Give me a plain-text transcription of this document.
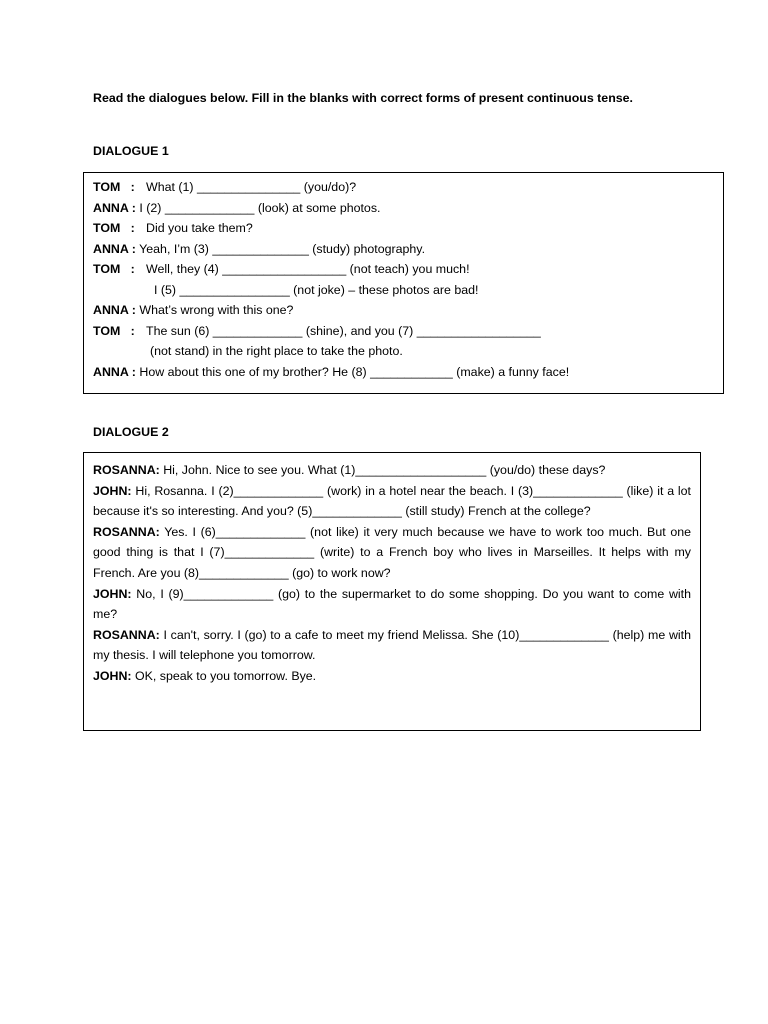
Read the dialogues below. Fill in the blanks with correct forms of present continuous tense.

DIALOGUE 1

TOM   : What (1) _______________ (you/do)?
ANNA : I (2) _____________ (look) at some photos.
TOM   : Did you take them?
ANNA : Yeah, I’m (3) ______________ (study) photography.
TOM   : Well, they (4) __________________ (not teach) you much!
I (5) ________________ (not joke) – these photos are bad!
ANNA : What’s wrong with this one?
TOM   : The sun (6) _____________ (shine), and you (7) __________________
(not stand) in the right place to take the photo.
ANNA : How about this one of my brother? He (8) ____________ (make) a funny face!

DIALOGUE 2

ROSANNA: Hi, John. Nice to see you. What (1)___________________ (you/do) these days?

JOHN: Hi, Rosanna. I (2)_____________ (work) in a hotel near the beach. I (3)_____________ (like) it a lot because it's so interesting. And you? (5)_____________ (still study) French at the college?

ROSANNA: Yes. I (6)_____________ (not like) it very much because we have to work too much. But one good thing is that I (7)_____________ (write) to a French boy who lives in Marseilles. It helps with my French. Are you (8)_____________ (go) to work now?

JOHN: No, I (9)_____________ (go) to the supermarket to do some shopping. Do you want to come with me?

ROSANNA: I can't, sorry. I (go) to a cafe to meet my friend Melissa. She (10)_____________ (help) me with my thesis. I will telephone you tomorrow.

JOHN: OK, speak to you tomorrow. Bye.
